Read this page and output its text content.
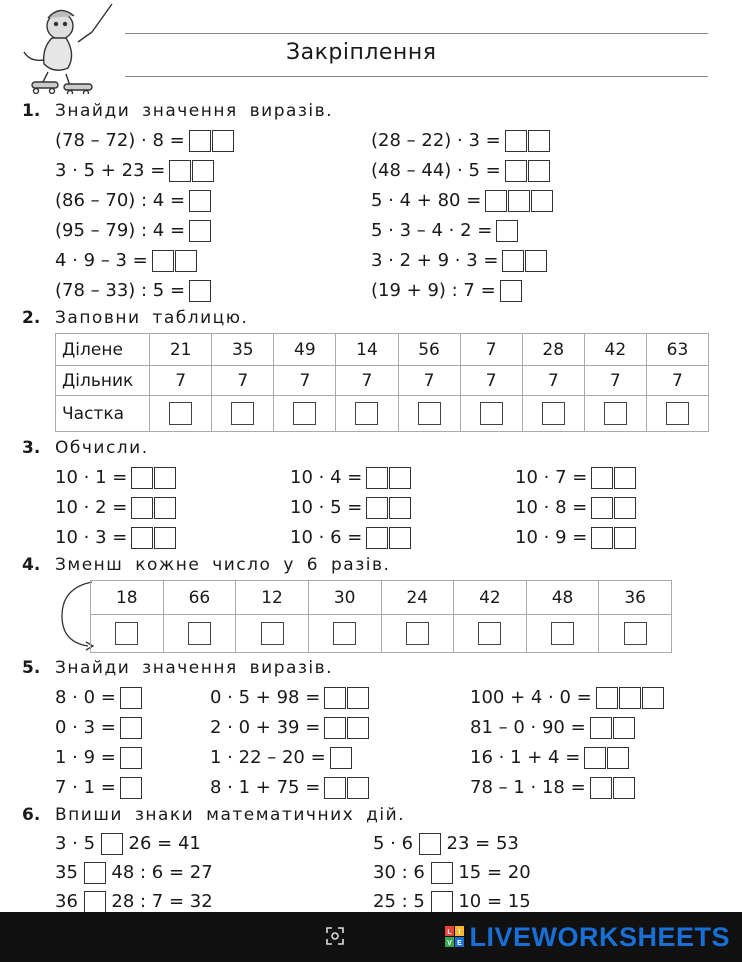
Закріплення
1. Знайди значення виразів.
(78 – 72) · 8 =
3 · 5 + 23 =
(86 – 70) : 4 =
(95 – 79) : 4 =
4 · 9 – 3 =
(78 – 33) : 5 =
(28 – 22) · 3 =
(48 – 44) · 5 =
5 · 4 + 80 =
5 · 3 – 4 · 2 =
3 · 2 + 9 · 3 =
(19 + 9) : 7 =
2. Заповни таблицю.
Ділене	21	35	49	14	56	7	28	42	63
Дільник	7	7	7	7	7	7	7	7	7
Частка									
3. Обчисли.
10 · 1 =
10 · 2 =
10 · 3 =
10 · 4 =
10 · 5 =
10 · 6 =
10 · 7 =
10 · 8 =
10 · 9 =
4. Зменш кожне число у 6 разів.
18	66	12	30	24	42	48	36

5. Знайди значення виразів.
8 · 0 =
0 · 3 =
1 · 9 =
7 · 1 =
0 · 5 + 98 =
2 · 0 + 39 =
1 · 22 – 20 =
8 · 1 + 75 =
100 + 4 · 0 =
81 – 0 · 90 =
16 · 1 + 4 =
78 – 1 · 18 =
6. Впиши знаки математичних дій.
3 · 5 26 = 41
35 48 : 6 = 27
36 28 : 7 = 32
5 · 6 23 = 53
30 : 6 15 = 20
25 : 5 10 = 15
L I
V E LIVEWORKSHEETS
